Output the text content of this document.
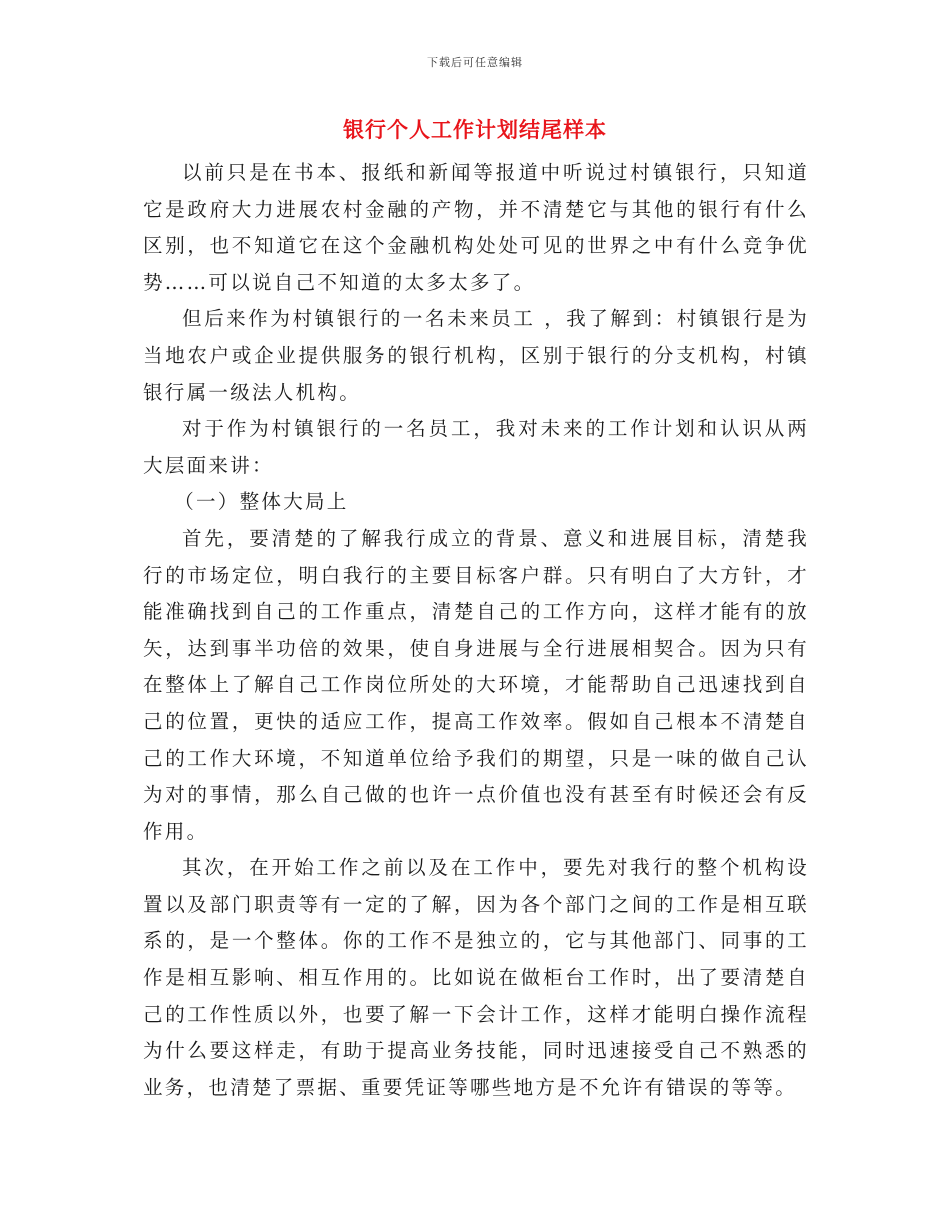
下载后可任意编辑
银行个人工作计划结尾样本

以前只是在书本、报纸和新闻等报道中听说过村镇银行，只知道它是政府大力进展农村金融的产物，并不清楚它与其他的银行有什么区别，也不知道它在这个金融机构处处可见的世界之中有什么竞争优势……可以说自己不知道的太多太多了。

但后来作为村镇银行的一名未来员工 ，我了解到：村镇银行是为当地农户或企业提供服务的银行机构，区别于银行的分支机构，村镇银行属一级法人机构。

对于作为村镇银行的一名员工，我对未来的工作计划和认识从两大层面来讲：

（一）整体大局上

首先，要清楚的了解我行成立的背景、意义和进展目标，清楚我行的市场定位，明白我行的主要目标客户群。只有明白了大方针，才能准确找到自己的工作重点，清楚自己的工作方向，这样才能有的放矢，达到事半功倍的效果，使自身进展与全行进展相契合。因为只有在整体上了解自己工作岗位所处的大环境，才能帮助自己迅速找到自己的位置，更快的适应工作，提高工作效率。假如自己根本不清楚自己的工作大环境，不知道单位给予我们的期望，只是一味的做自己认为对的事情，那么自己做的也许一点价值也没有甚至有时候还会有反作用。

其次，在开始工作之前以及在工作中，要先对我行的整个机构设置以及部门职责等有一定的了解，因为各个部门之间的工作是相互联系的，是一个整体。你的工作不是独立的，它与其他部门、同事的工作是相互影响、相互作用的。比如说在做柜台工作时，出了要清楚自己的工作性质以外，也要了解一下会计工作，这样才能明白操作流程为什么要这样走，有助于提高业务技能，同时迅速接受自己不熟悉的业务，也清楚了票据、重要凭证等哪些地方是不允许有错误的等等。
